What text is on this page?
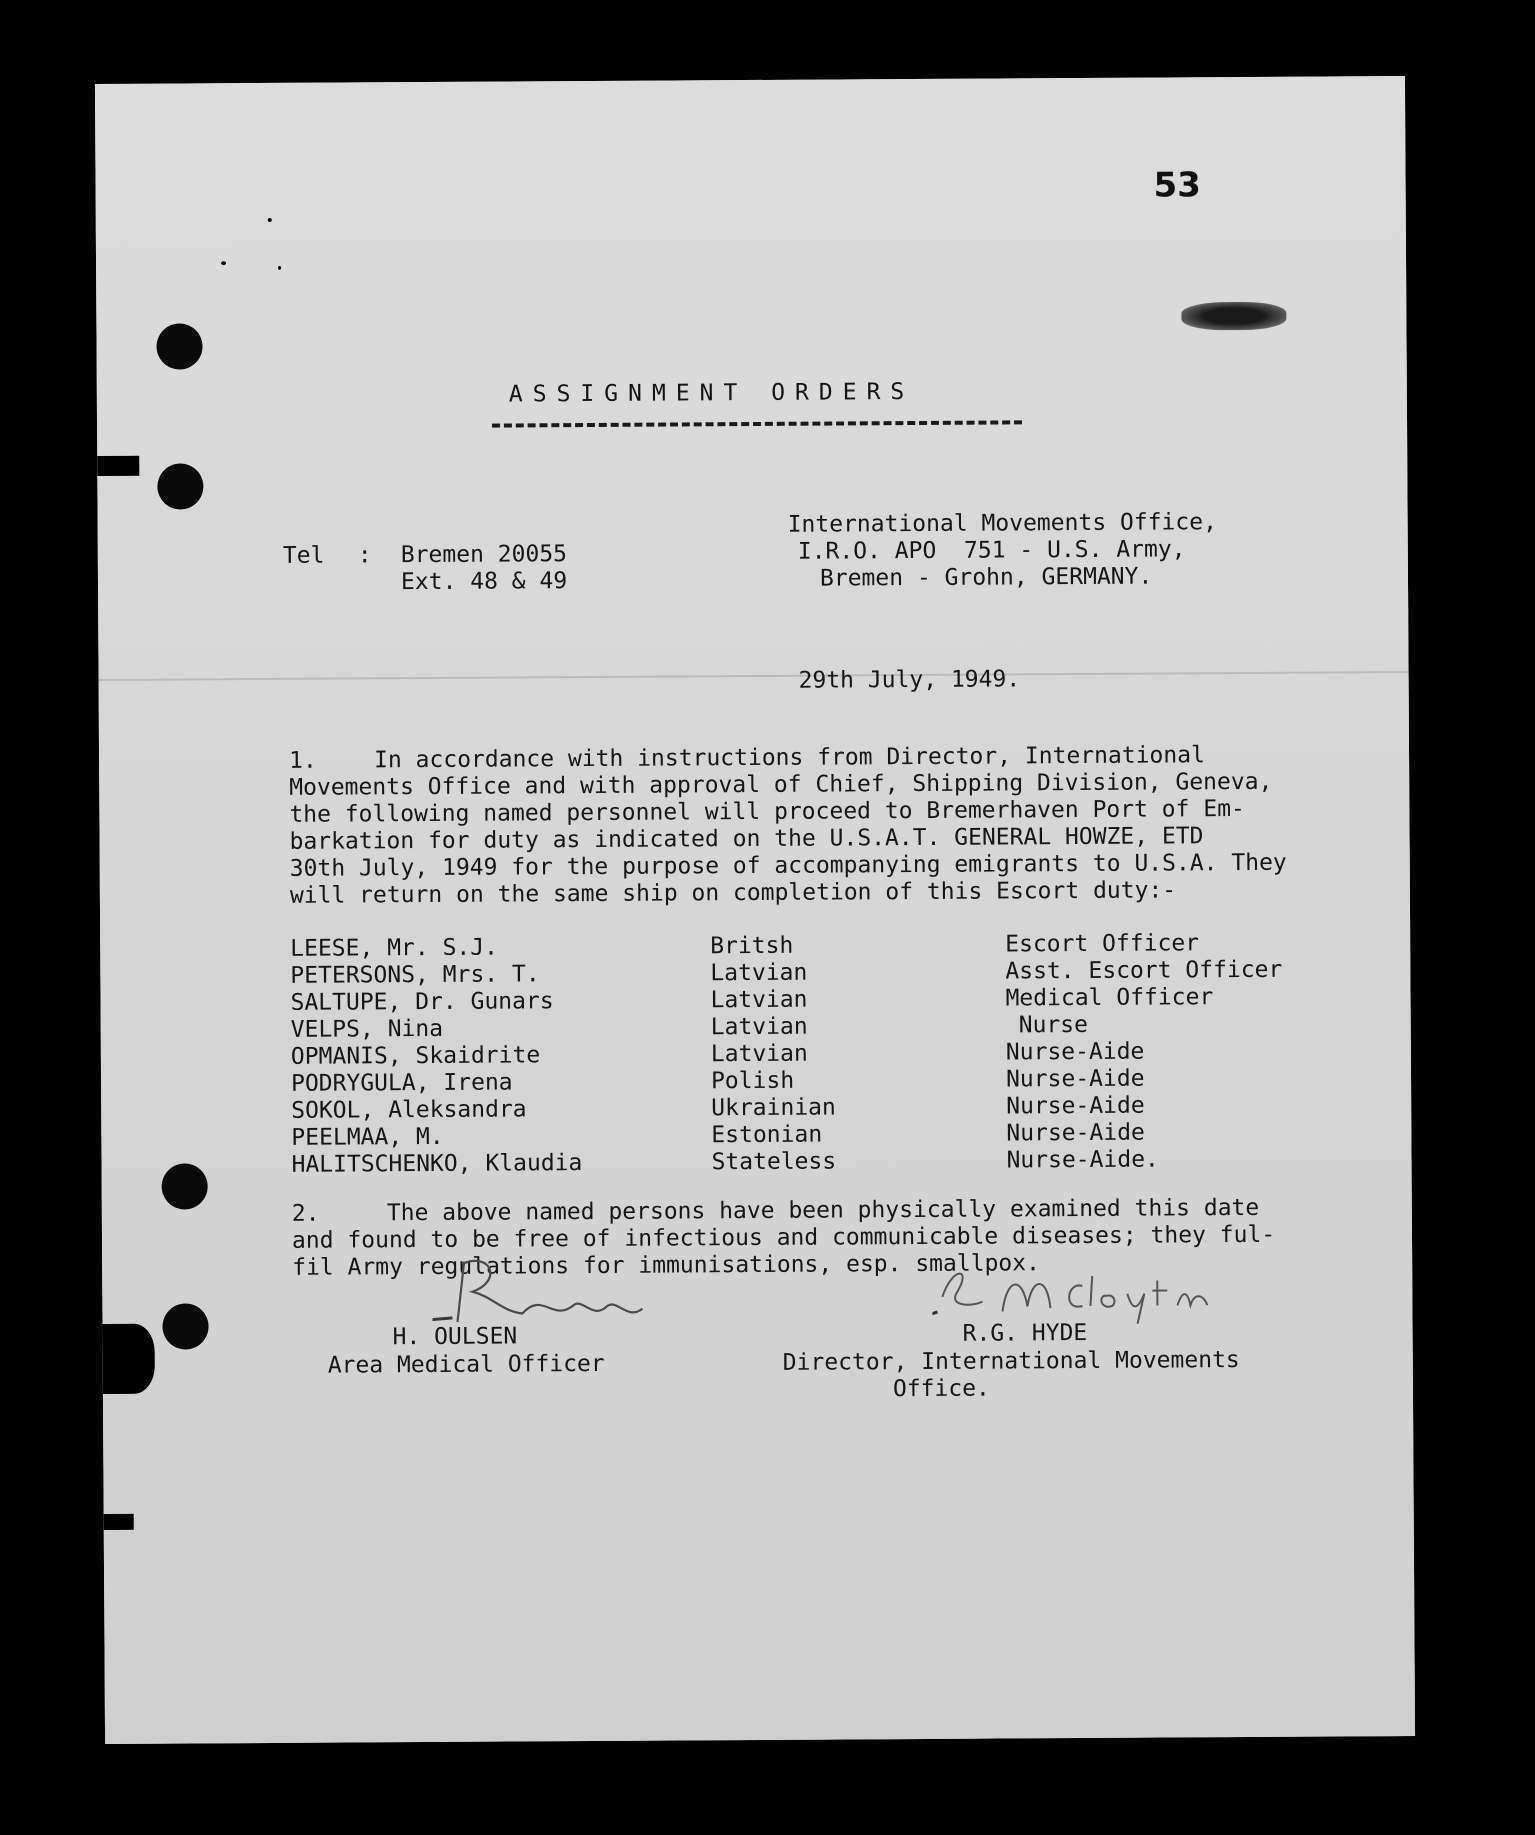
53
ASSIGNMENT ORDERS
Tel : Bremen 20055
Ext. 48 & 49
International Movements Office,
I.R.O. APO  751 - U.S. Army,
Bremen - Grohn, GERMANY.
29th July, 1949.
1. In accordance with instructions from Director, International
Movements Office and with approval of Chief, Shipping Division, Geneva,
the following named personnel will proceed to Bremerhaven Port of Em-
barkation for duty as indicated on the U.S.A.T. GENERAL HOWZE, ETD
30th July, 1949 for the purpose of accompanying emigrants to U.S.A. They
will return on the same ship on completion of this Escort duty:-
LEESE, Mr. S.J.	Britsh	Escort Officer
PETERSONS, Mrs. T.	Latvian	Asst. Escort Officer
SALTUPE, Dr. Gunars	Latvian	Medical Officer
VELPS, Nina	Latvian	Nurse
OPMANIS, Skaidrite	Latvian	Nurse-Aide
PODRYGULA, Irena	Polish	Nurse-Aide
SOKOL, Aleksandra	Ukrainian	Nurse-Aide
PEELMAA, M.	Estonian	Nurse-Aide
HALITSCHENKO, Klaudia	Stateless	Nurse-Aide.
2.	The above named persons have been physically examined this date
and found to be free of infectious and communicable diseases; they ful-
fil Army regulations for immunisations, esp. smallpox.
H. OULSEN
Area Medical Officer
R.G. HYDE
Director, International Movements
Office.
